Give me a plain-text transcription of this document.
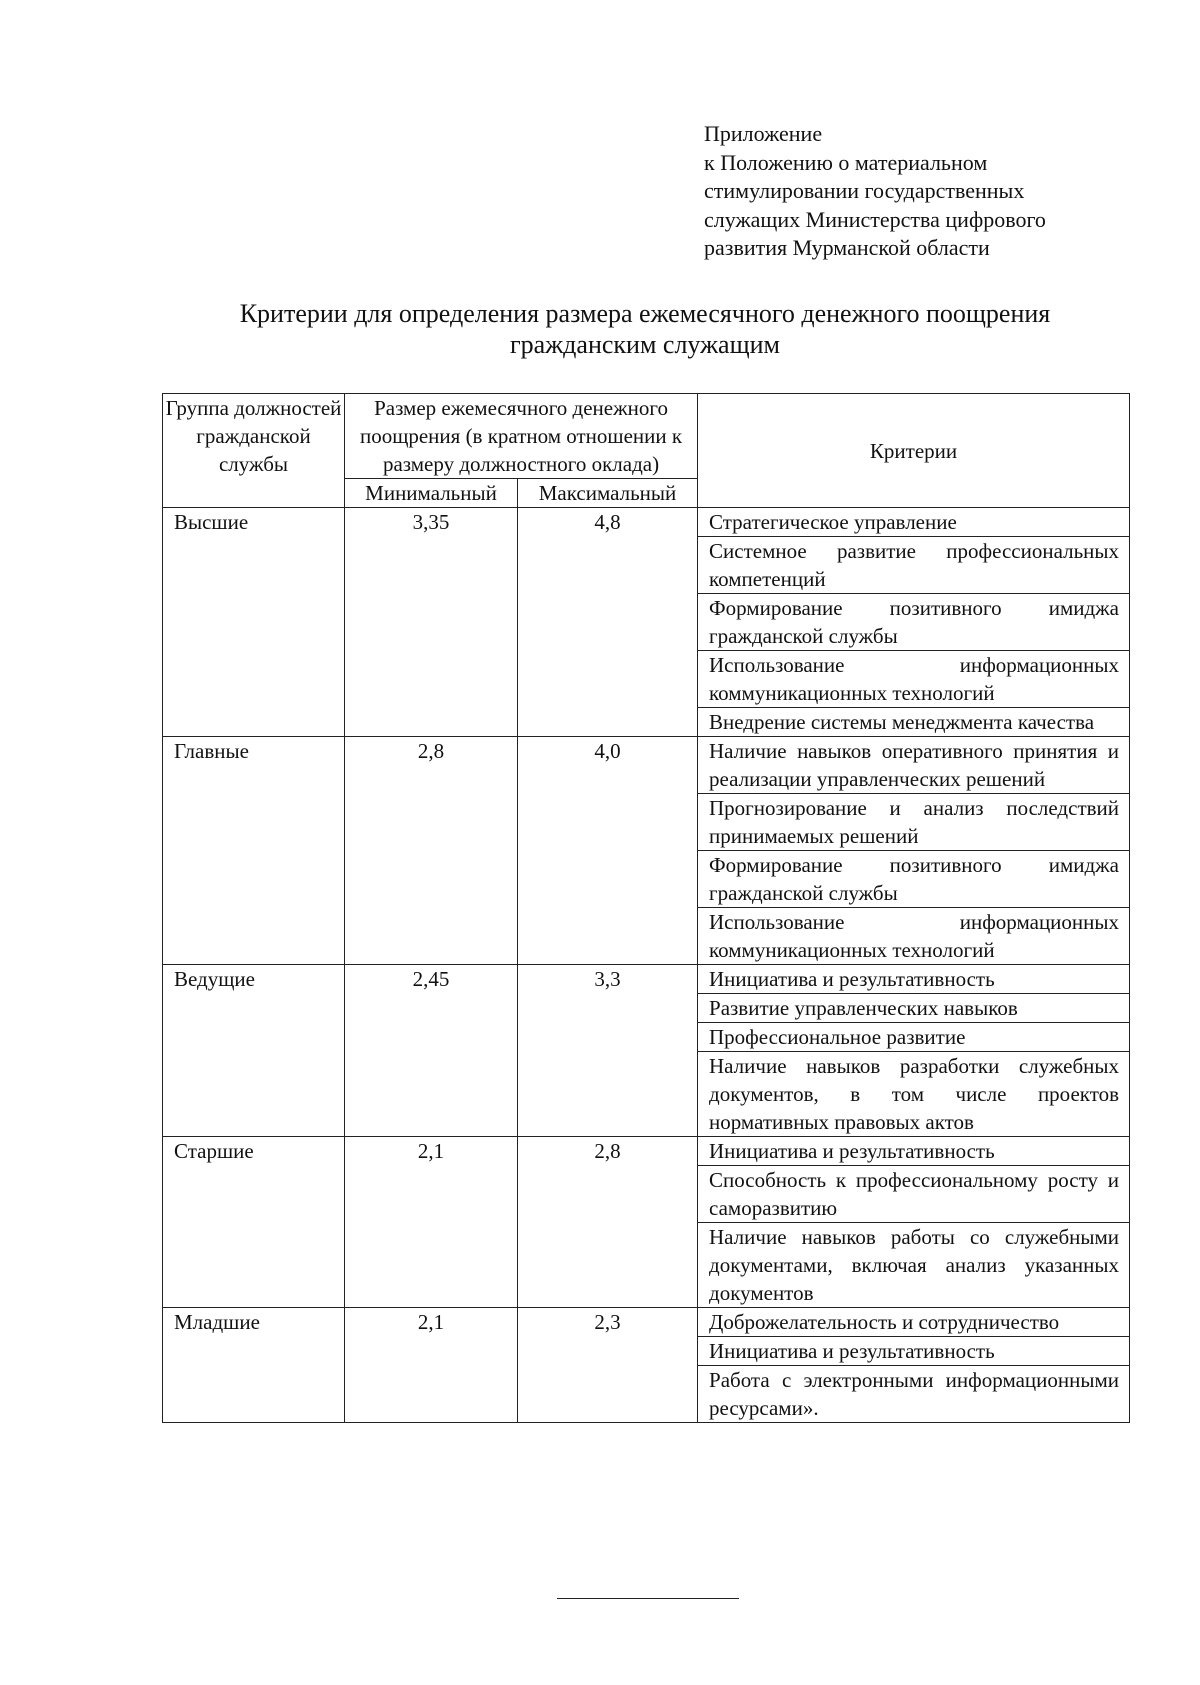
Приложение
к Положению о материальном
стимулировании государственных
служащих Министерства цифрового
развития Мурманской области
Критерии для определения размера ежемесячного денежного поощрения
гражданским служащим
Группа должностей гражданской службы	Размер ежемесячного денежного поощрения (в кратном отношении к размеру должностного оклада)		Критерии
	Минимальный	Максимальный	
Высшие	3,35	4,8	Стратегическое управление
Системное развитие профессиональных компетенций
Формирование позитивного имиджа гражданской службы
Использование информационных коммуникационных технологий
Внедрение системы менеджмента качества

Главные	2,8	4,0	Наличие навыков оперативного принятия и реализации управленческих решений
Прогнозирование и анализ последствий принимаемых решений
Формирование позитивного имиджа гражданской службы
Использование информационных коммуникационных технологий

Ведущие	2,45	3,3	Инициатива и результативность
Развитие управленческих навыков
Профессиональное развитие
Наличие навыков разработки служебных документов, в том числе проектов нормативных правовых актов

Старшие	2,1	2,8	Инициатива и результативность
Способность к профессиональному росту и саморазвитию
Наличие навыков работы со служебными документами, включая анализ указанных документов

Младшие	2,1	2,3	Доброжелательность и сотрудничество
Инициатива и результативность
Работа с электронными информационными ресурсами».
